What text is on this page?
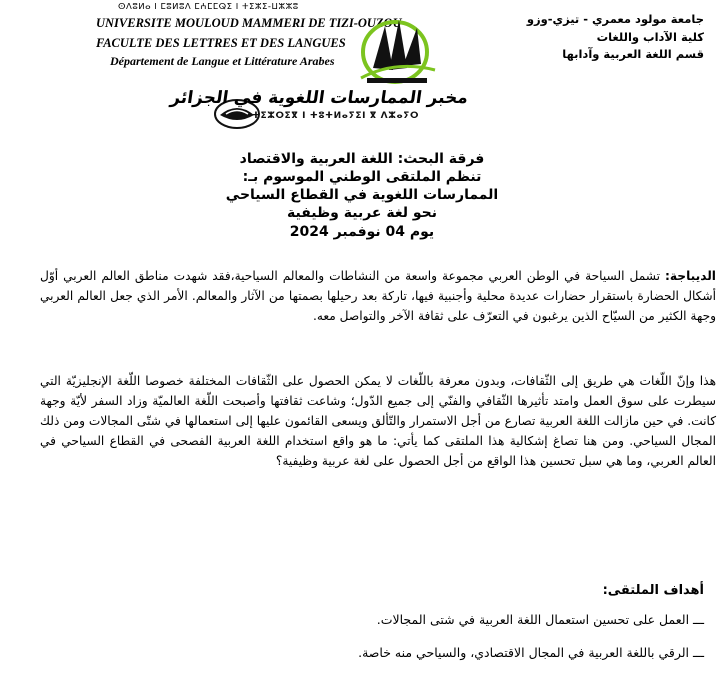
ⵙⴷⵓⵍⴰ ⵏ ⵎⵓⵍⵓⴷ ⵎⵄⵎⵎⵕⵉ ⵏ ⵜⵉⵣⵉ-ⵡⵣⵣⵓ
UNIVERSITE MOULOUD MAMMERI DE TIZI-OUZOU
FACULTE DES LETTRES ET DES LANGUES
Département de Langue et Littérature Arabes
جامعة مولود معمري - تيزي-وزو
كلية الآداب واللغات
قسم اللغة العربية وآدابها
مخبر الممارسات اللغوية في الجزائر
ⵜⵉⵣⵔⵉⴳ ⵏ ⵜⵓⵜⵍⴰⵢⵉⵏ ⴳ ⴷⵣⴰⵢⵔ
فرقة البحث: اللغة العربية والاقتصاد
تنظم الملتقى الوطني الموسوم بـ:
الممارسات اللغوية في القطاع السياحي
نحو لغة عربية وظيفية
يوم 04 نوفمبر 2024
الديباجة: تشمل السياحة في الوطن العربي مجموعة واسعة من النشاطات والمعالم السياحية،فقد شهدت مناطق العالم العربي أوّل أشكال الحضارة باستقرار حضارات عديدة محلية وأجنبية فيها، تاركة بعد رحيلها بصمتها من الآثار والمعالم. الأمر الذي جعل العالم العربي وجهة الكثير من السيّاح الذين يرغبون في التعرّف على ثقافة الآخر والتواصل معه.
هذا وإنّ اللّغات هي طريق إلى الثّقافات، وبدون معرفة باللّغات لا يمكن الحصول على الثّقافات المختلفة خصوصا اللّغة الإنجليزيّة التي سيطرت على سوق العمل وامتد تأثيرها الثّقافي والفنّي إلى جميع الدّول؛ وشاعت ثقافتها وأصبحت اللّغة العالميّة وزاد السفر لأيّة وجهة كانت. في حين مازالت اللغة العربية تصارع من أجل الاستمرار والتّألق ويسعى القائمون عليها إلى استعمالها في شتّى المجالات ومن ذلك المجال السياحي. ومن هنا تصاغ إشكالية هذا الملتقى كما يأتي: ما هو واقع استخدام اللغة العربية الفصحى في القطاع السياحي في العالم العربي، وما هي سبل تحسين هذا الواقع من أجل الحصول على لغة عربية وظيفية؟
أهداف الملتقى:
ـــ العمل على تحسين استعمال اللغة العربية في شتى المجالات.
ـــ الرقي باللغة العربية في المجال الاقتصادي، والسياحي منه خاصة.
